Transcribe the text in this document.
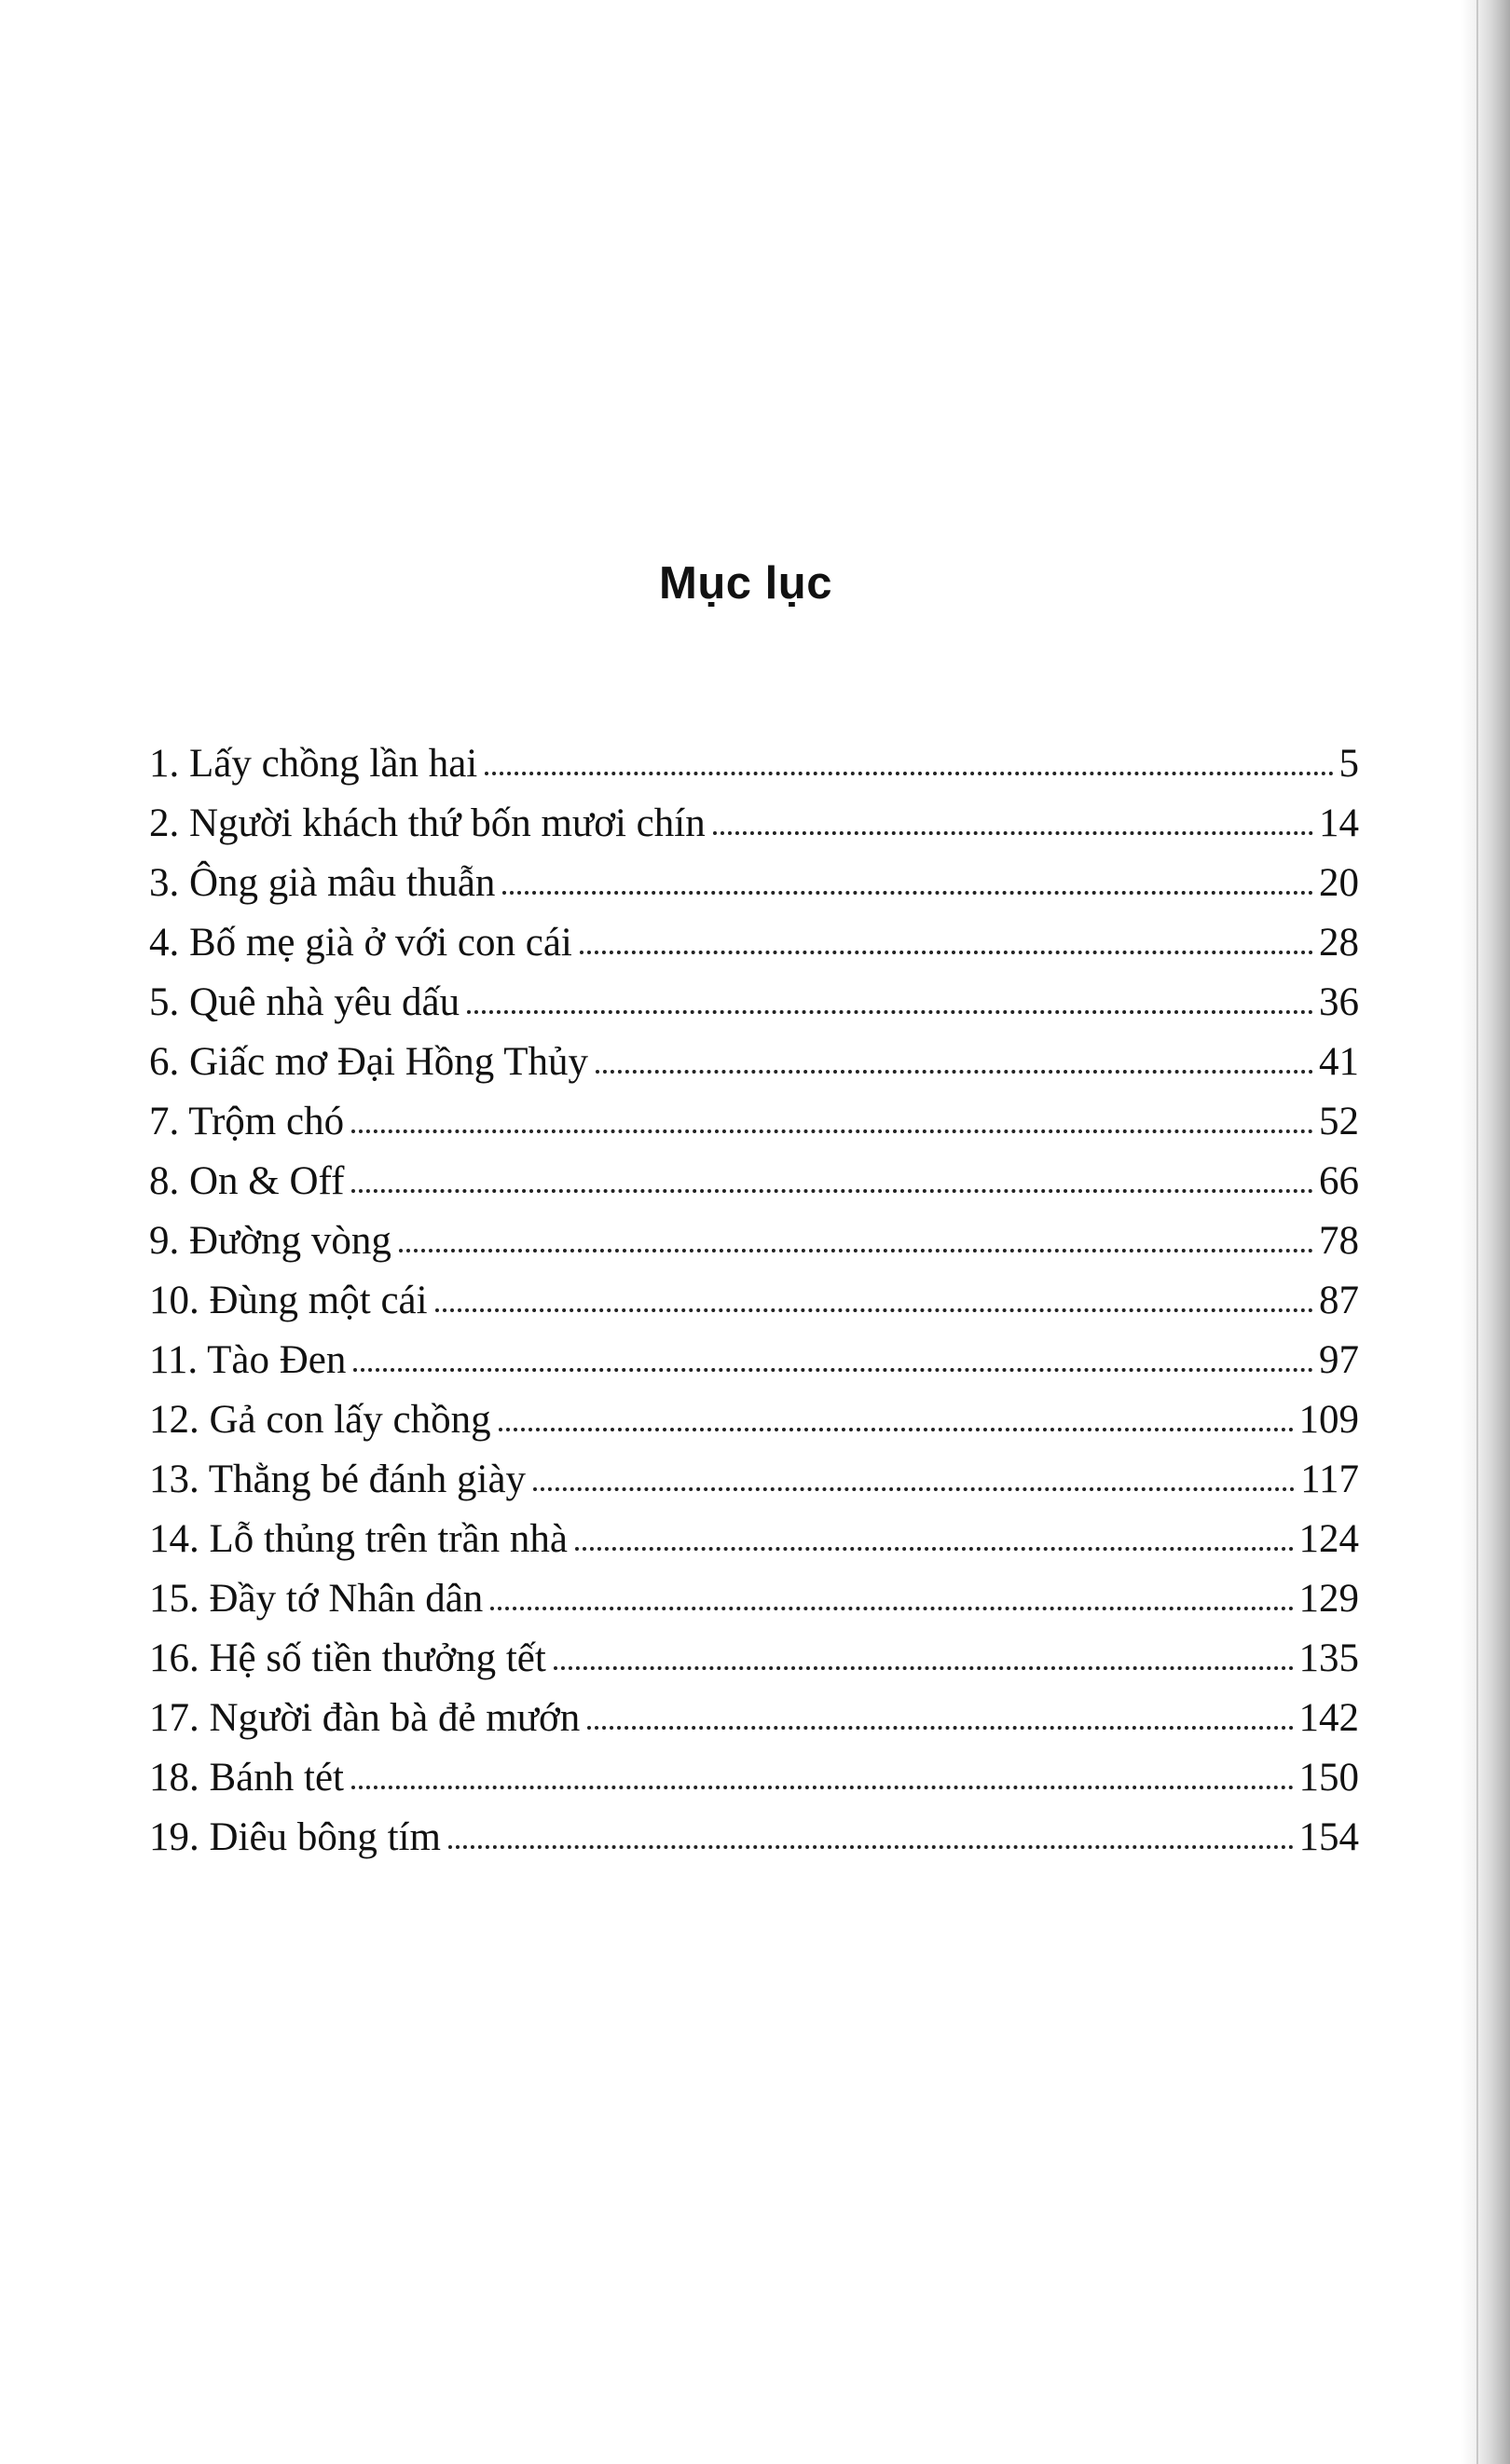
Mục lục
1. Lấy chồng lần hai	5
2. Người khách thứ bốn mươi chín	14
3. Ông già mâu thuẫn	20
4. Bố mẹ già ở với con cái	28
5. Quê nhà yêu dấu	36
6. Giấc mơ Đại Hồng Thủy	41
7. Trộm chó	52
8. On & Off	66
9. Đường vòng	78
10. Đùng một cái	87
11. Tào Đen	97
12. Gả con lấy chồng	109
13. Thằng bé đánh giày	117
14. Lỗ thủng trên trần nhà	124
15. Đầy tớ Nhân dân	129
16. Hệ số tiền thưởng tết	135
17. Người đàn bà đẻ mướn	142
18. Bánh tét	150
19. Diêu bông tím	154
